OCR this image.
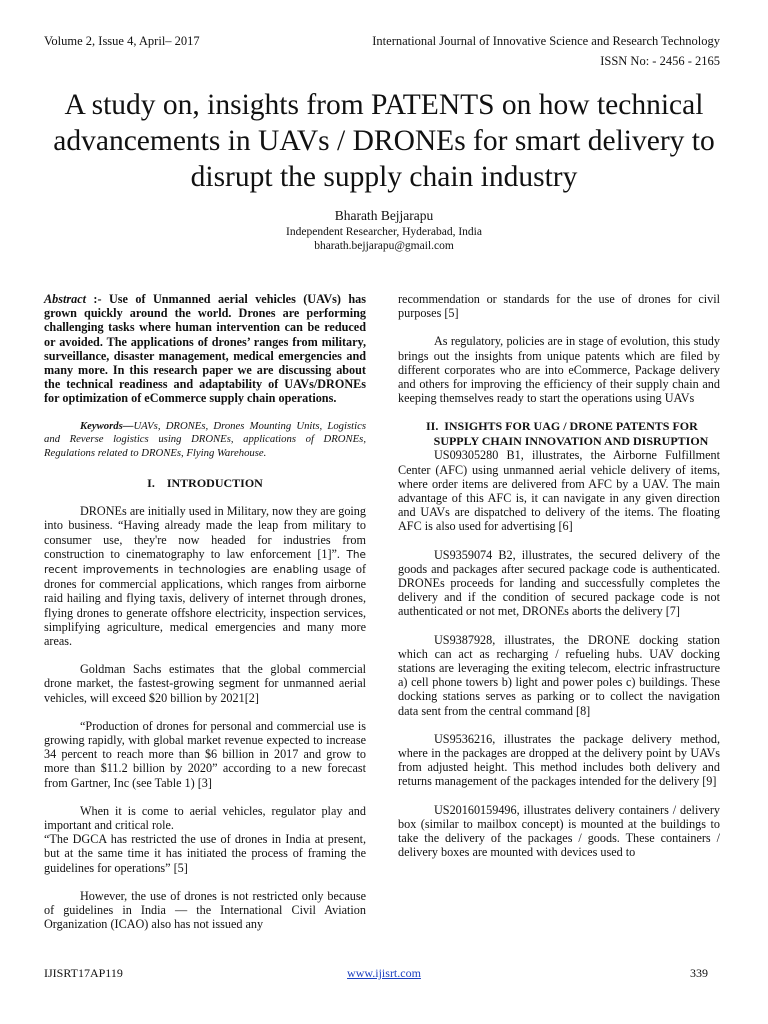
Volume 2, Issue 4, April– 2017	International Journal of Innovative Science and Research Technology
ISSN No: - 2456 - 2165
A study on, insights from PATENTS on how technical advancements in UAVs / DRONEs for smart delivery to disrupt the supply chain industry
Bharath Bejjarapu
Independent Researcher, Hyderabad, India
bharath.bejjarapu@gmail.com

Abstract :- Use of Unmanned aerial vehicles (UAVs) has grown quickly around the world. Drones are performing challenging tasks where human intervention can be reduced or avoided. The applications of drones’ ranges from military, surveillance, disaster management, medical emergencies and many more. In this research paper we are discussing about the technical readiness and adaptability of UAVs/DRONEs for optimization of eCommerce supply chain operations.

Keywords—UAVs, DRONEs, Drones Mounting Units, Logistics and Reverse logistics using DRONEs, applications of DRONEs, Regulations related to DRONEs, Flying Warehouse.

I. INTRODUCTION

DRONEs are initially used in Military, now they are going into business. “Having already made the leap from military to consumer use, they're now headed for industries from construction to cinematography to law enforcement [1]”. The recent improvements in technologies are enabling usage of drones for commercial applications, which ranges from airborne raid hailing and flying taxis, delivery of internet through drones, flying drones to generate offshore electricity, inspection services, simplifying agriculture, medical emergencies and many more areas.

Goldman Sachs estimates that the global commercial drone market, the fastest-growing segment for unmanned aerial vehicles, will exceed $20 billion by 2021[2]

“Production of drones for personal and commercial use is growing rapidly, with global market revenue expected to increase 34 percent to reach more than $6 billion in 2017 and grow to more than $11.2 billion by 2020” according to a new forecast from Gartner, Inc (see Table 1) [3]

When it is come to aerial vehicles, regulator play and important and critical role.

“The DGCA has restricted the use of drones in India at present, but at the same time it has initiated the process of framing the guidelines for operations” [5]

However, the use of drones is not restricted only because of guidelines in India — the International Civil Aviation Organization (ICAO) also has not issued any

recommendation or standards for the use of drones for civil purposes [5]

As regulatory, policies are in stage of evolution, this study brings out the insights from unique patents which are filed by different corporates who are into eCommerce, Package delivery and others for improving the efficiency of their supply chain and keeping themselves ready to start the operations using UAVs

II. INSIGHTS FOR UAG / DRONE PATENTS FOR SUPPLY CHAIN INNOVATION AND DISRUPTION

US09305280 B1, illustrates, the Airborne Fulfillment Center (AFC) using unmanned aerial vehicle delivery of items, where order items are delivered from AFC by a UAV. The main advantage of this AFC is, it can navigate in any given direction and UAVs are dispatched to delivery of the items. The floating AFC is also used for advertising [6]

US9359074 B2, illustrates, the secured delivery of the goods and packages after secured package code is authenticated. DRONEs proceeds for landing and successfully completes the delivery and if the condition of secured package code is not authenticated or not met, DRONEs aborts the delivery [7]

US9387928, illustrates, the DRONE docking station which can act as recharging / refueling hubs. UAV docking stations are leveraging the exiting telecom, electric infrastructure a) cell phone towers b) light and power poles c) buildings. These docking stations serves as parking or to collect the navigation data sent from the central command [8]

US9536216, illustrates the package delivery method, where in the packages are dropped at the delivery point by UAVs from adjusted height. This method includes both delivery and returns management of the packages intended for the delivery [9]

US20160159496, illustrates delivery containers / delivery box (similar to mailbox concept) is mounted at the buildings to take the delivery of the packages / goods. These containers / delivery boxes are mounted with devices used to

IJISRT17AP119	www.ijisrt.com	339
